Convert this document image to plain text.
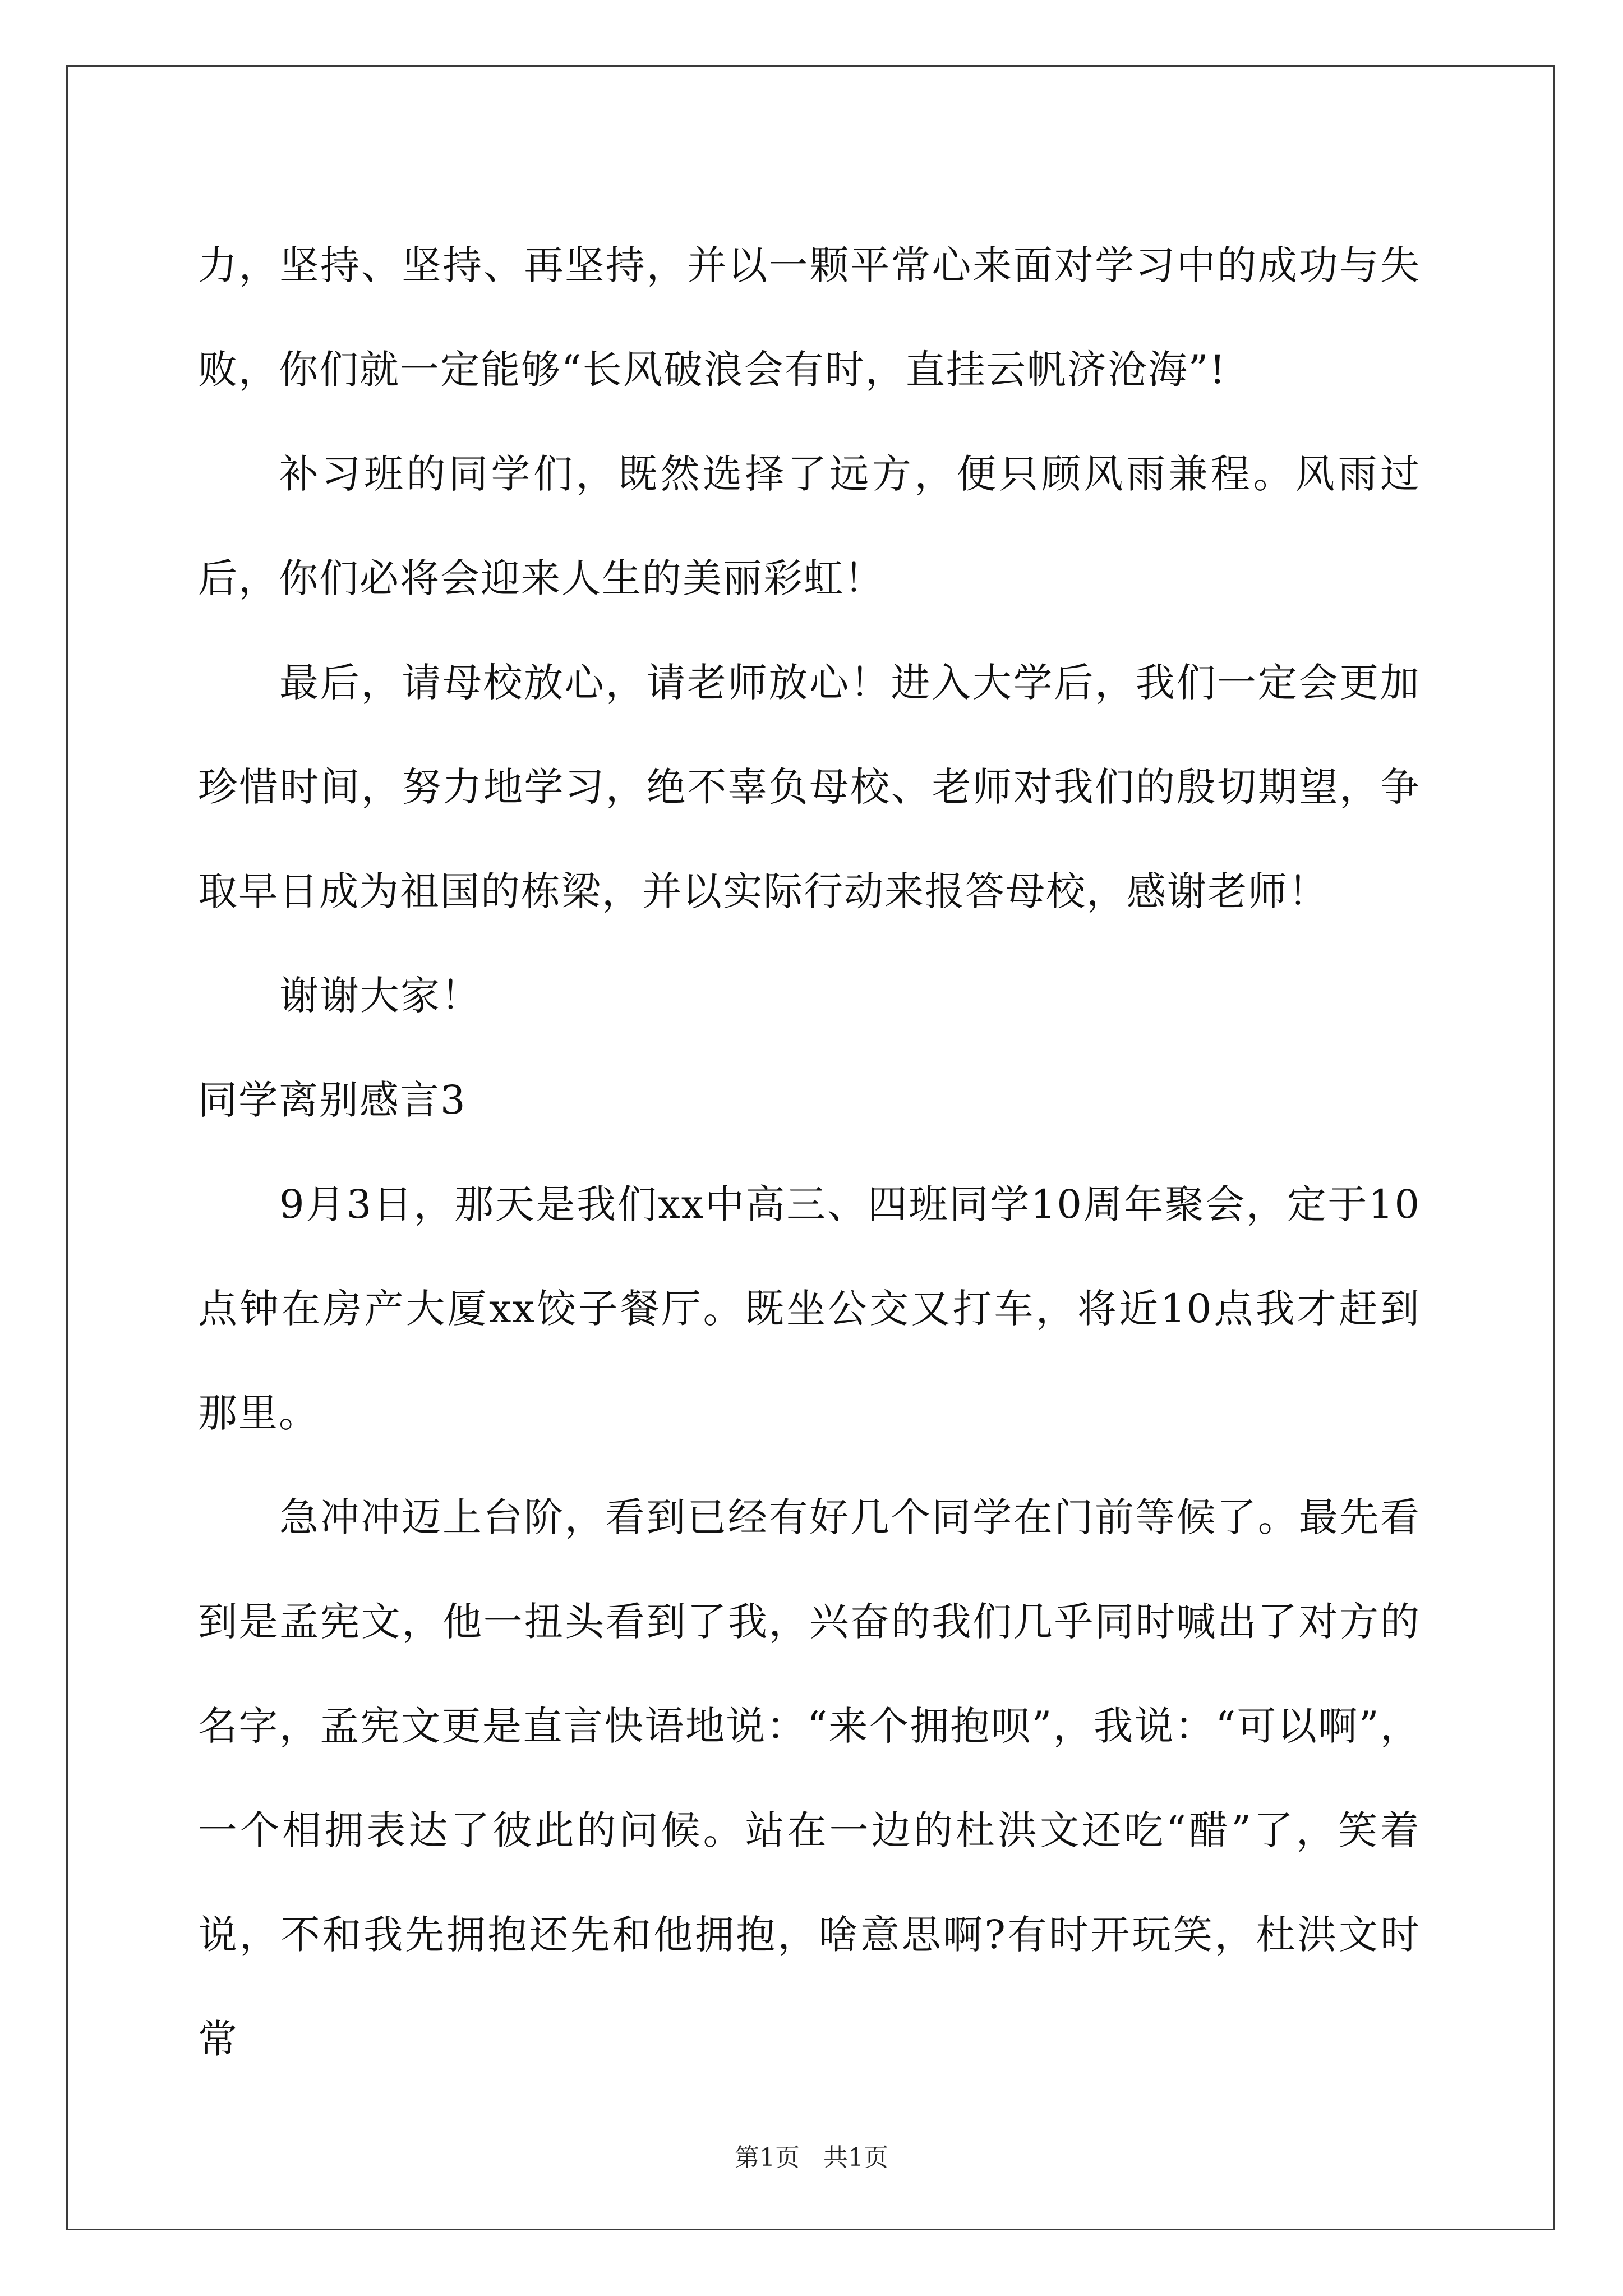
力，坚持、坚持、再坚持，并以一颗平常心来面对学习中的成功与失败，你们就一定能够“长风破浪会有时，直挂云帆济沧海”!

补习班的同学们，既然选择了远方，便只顾风雨兼程。风雨过后，你们必将会迎来人生的美丽彩虹！

最后，请母校放心，请老师放心！进入大学后，我们一定会更加珍惜时间，努力地学习，绝不辜负母校、老师对我们的殷切期望，争取早日成为祖国的栋梁，并以实际行动来报答母校，感谢老师！

谢谢大家！

同学离别感言3

9月3日，那天是我们xx中高三、四班同学10周年聚会，定于10点钟在房产大厦xx饺子餐厅。既坐公交又打车，将近10点我才赶到那里。

急冲冲迈上台阶，看到已经有好几个同学在门前等候了。最先看到是孟宪文，他一扭头看到了我，兴奋的我们几乎同时喊出了对方的名字，孟宪文更是直言快语地说：“来个拥抱呗”，我说：“可以啊”，一个相拥表达了彼此的问候。站在一边的杜洪文还吃“醋”了，笑着说，不和我先拥抱还先和他拥抱，啥意思啊?有时开玩笑，杜洪文时常

第1页   共1页
